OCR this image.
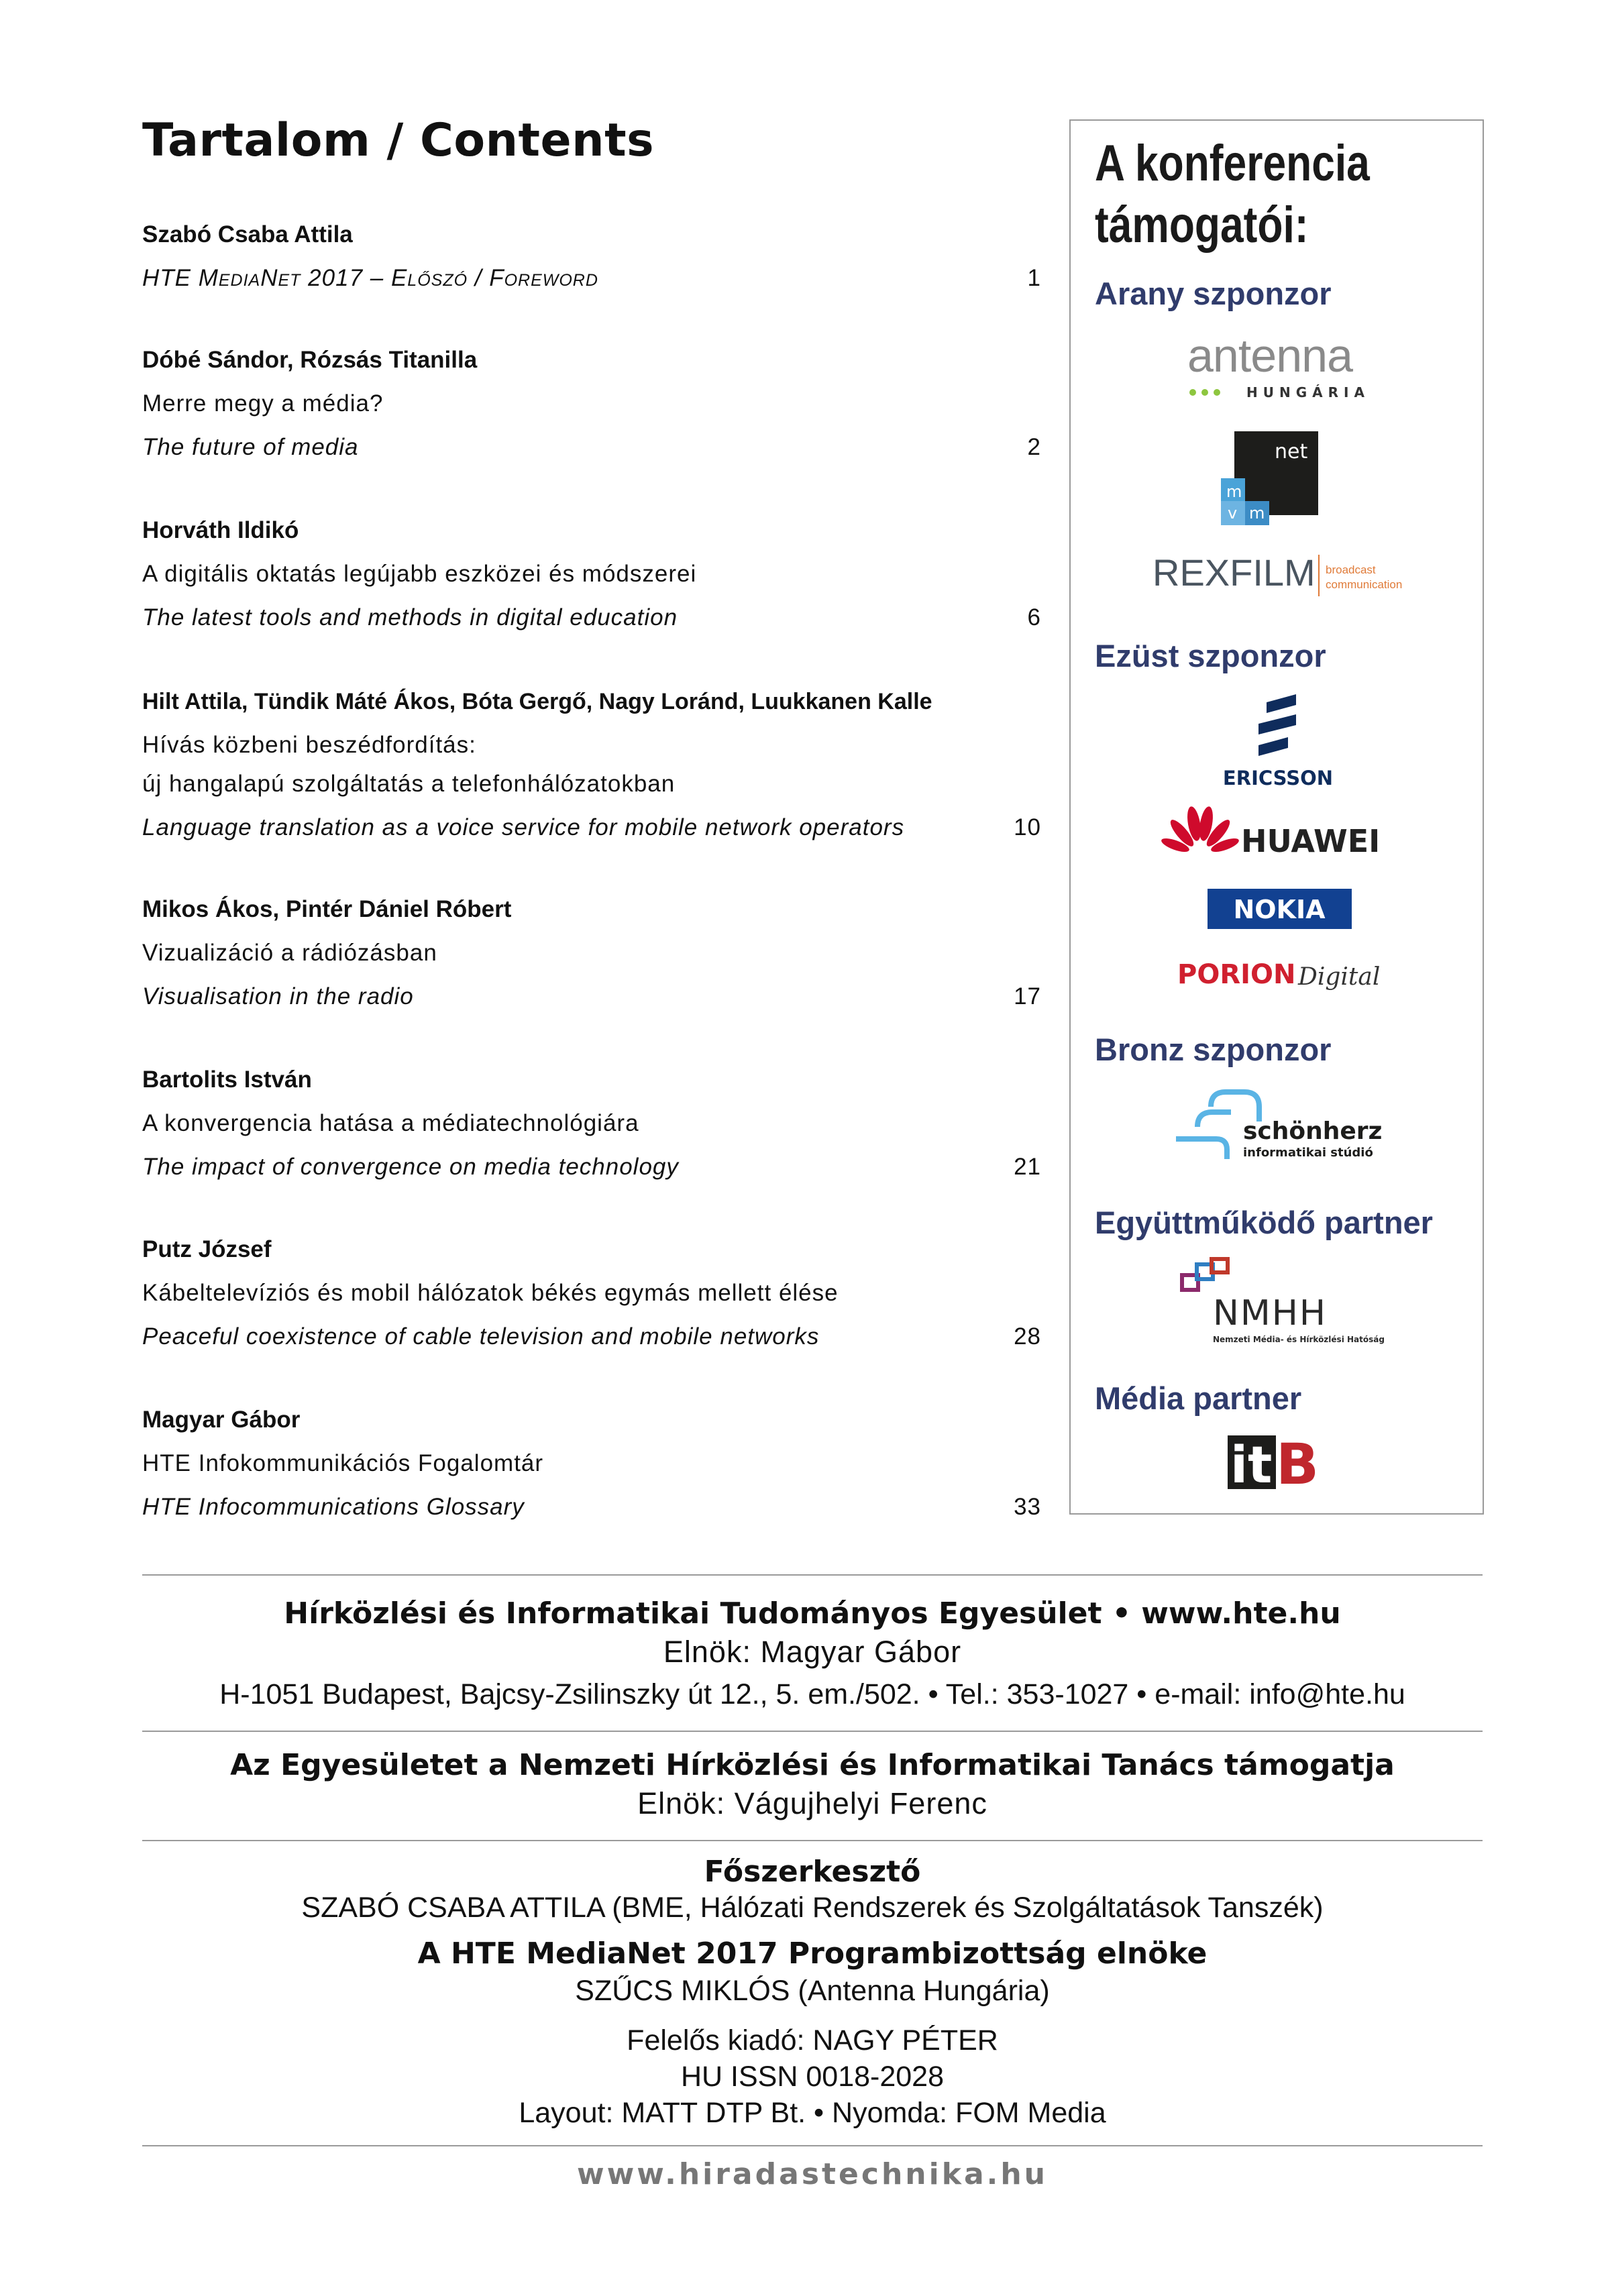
Tartalom / Contents
Szabó Csaba Attila
HTE MediaNet 2017 – Előszó / Foreword	1
Dóbé Sándor, Rózsás Titanilla
Merre megy a média?
The future of media	2
Horváth Ildikó
A digitális oktatás legújabb eszközei és módszerei
The latest tools and methods in digital education	6
Hilt Attila, Tündik Máté Ákos, Bóta Gergő, Nagy Loránd, Luukkanen Kalle
Hívás közbeni beszédfordítás:
új hangalapú szolgáltatás a telefonhálózatokban
Language translation as a voice service for mobile network operators	10
Mikos Ákos, Pintér Dániel Róbert
Vizualizáció a rádiózásban
Visualisation in the radio	17
Bartolits István
A konvergencia hatása a médiatechnológiára
The impact of convergence on media technology	21
Putz József
Kábeltelevíziós és mobil hálózatok békés egymás mellett élése
Peaceful coexistence of cable television and mobile networks	28
Magyar Gábor
HTE Infokommunikációs Fogalomtár
HTE Infocommunications Glossary	33
A konferencia
támogatói:
Arany szponzor
antenna
HUNGÁRIA
net
m
v m
REXFILM broadcast
communication
Ezüst szponzor
ERICSSON
HUAWEI
NOKIA
PORION Digital
Bronz szponzor
schönherz
informatikai stúdió
Együttműködő partner
NMHH
Nemzeti Média- és Hírközlési Hatóság
Média partner
it B
Hírközlési és Informatikai Tudományos Egyesület • www.hte.hu
Elnök: Magyar Gábor
H-1051 Budapest, Bajcsy-Zsilinszky út 12., 5. em./502. • Tel.: 353-1027 • e-mail: info@hte.hu
Az Egyesületet a Nemzeti Hírközlési és Informatikai Tanács támogatja
Elnök: Vágujhelyi Ferenc
Főszerkesztő
SZABÓ CSABA ATTILA (BME, Hálózati Rendszerek és Szolgáltatások Tanszék)
A HTE MediaNet 2017 Programbizottság elnöke
SZŰCS MIKLÓS (Antenna Hungária)
Felelős kiadó: NAGY PÉTER
HU ISSN 0018-2028
Layout: MATT DTP Bt. • Nyomda: FOM Media
www.hiradastechnika.hu
